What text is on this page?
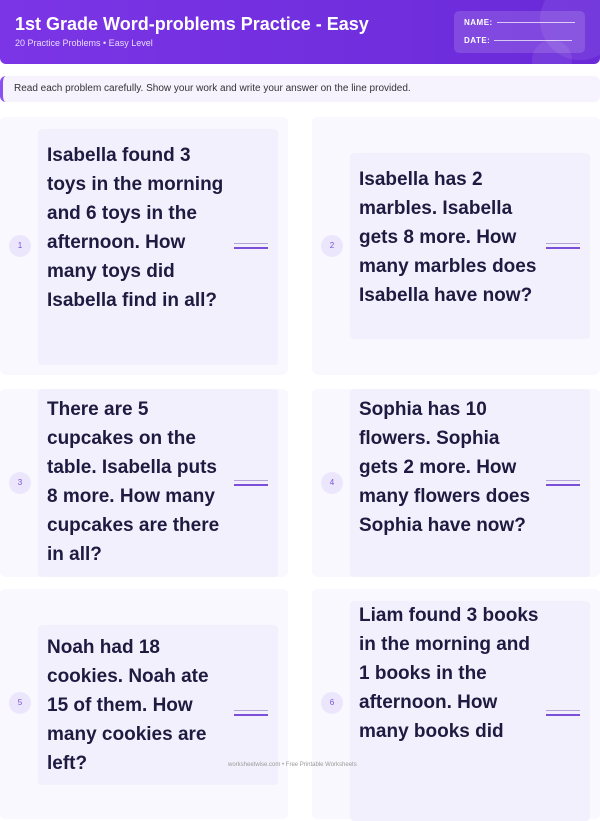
1st Grade Word-problems Practice - Easy
20 Practice Problems • Easy Level
NAME:
DATE:
Read each problem carefully. Show your work and write your answer on the line provided.
1
Isabella found 3 toys in the morning and 6 toys in the afternoon. How many toys did Isabella find in all?
2
Isabella has 2 marbles. Isabella gets 8 more. How many marbles does Isabella have now?
3
There are 5 cupcakes on the table. Isabella puts 8 more. How many cupcakes are there in all?
4
Sophia has 10 flowers. Sophia gets 2 more. How many flowers does Sophia have now?
5
Noah had 18 cookies. Noah ate 15 of them. How many cookies are left?
6
Liam found 3 books in the morning and 1 books in the afternoon. How many books did
worksheetwise.com • Free Printable Worksheets
